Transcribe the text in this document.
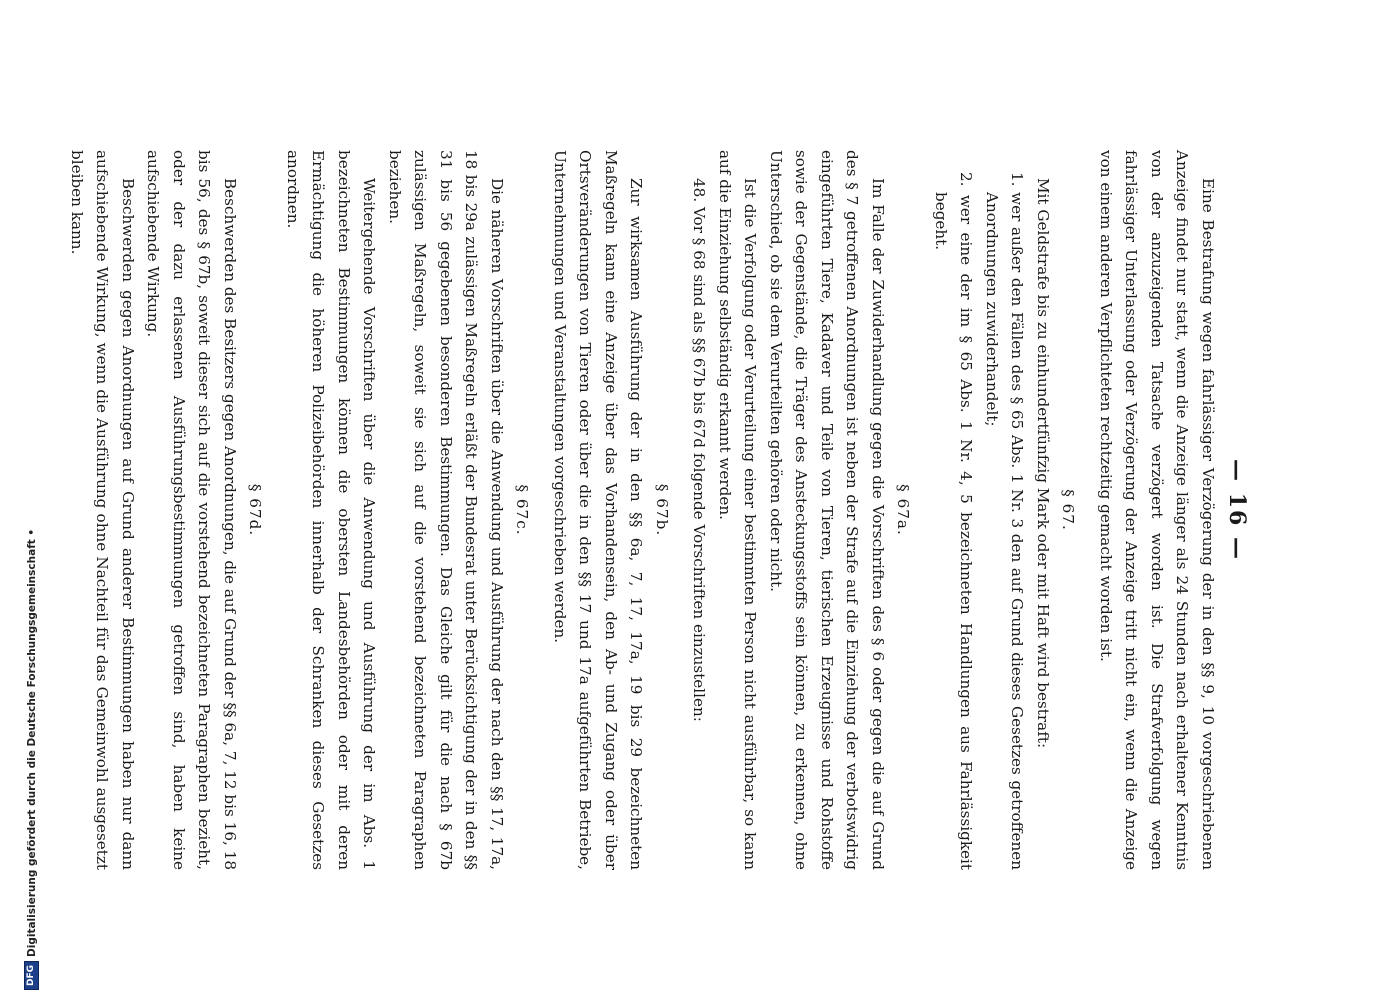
— 16 —

Eine Bestrafung wegen fahrlässiger Verzögerung der in den §§ 9, 10 vorgeschriebenen Anzeige findet nur statt, wenn die Anzeige länger als 24 Stunden nach erhaltener Kenntnis von der anzuzeigenden Tatsache verzögert worden ist. Die Strafverfolgung wegen fahrlässiger Unterlassung oder Verzögerung der Anzeige tritt nicht ein, wenn die Anzeige von einem anderen Verpflichteten rechtzeitig gemacht worden ist.

§ 67.

Mit Geldstrafe bis zu einhundertfünfzig Mark oder mit Haft wird bestraft:

1. wer außer den Fällen des § 65 Abs. 1 Nr. 3 den auf Grund dieses Gesetzes getroffenen Anordnungen zuwiderhandelt;
2. wer eine der im § 65 Abs. 1 Nr. 4, 5 bezeichneten Handlungen aus Fahrlässigkeit begeht.
§ 67a.

Im Falle der Zuwiderhandlung gegen die Vorschriften des § 6 oder gegen die auf Grund des § 7 getroffenen Anordnungen ist neben der Strafe auf die Einziehung der verbotswidrig eingeführten Tiere, Kadaver und Teile von Tieren, tierischen Erzeugnisse und Rohstoffe sowie der Gegenstände, die Träger des Ansteckungsstoffs sein können, zu erkennen, ohne Unterschied, ob sie dem Verurteilten gehören oder nicht.

Ist die Verfolgung oder Verurteilung einer bestimmten Person nicht ausführbar, so kann auf die Einziehung selbständig erkannt werden.

48. Vor § 68 sind als §§ 67b bis 67d folgende Vorschriften einzustellen:

§ 67b.

Zur wirksamen Ausführung der in den §§ 6a, 7, 17, 17a, 19 bis 29 bezeichneten Maßregeln kann eine Anzeige über das Vorhandensein, den Ab- und Zugang oder über Ortsveränderungen von Tieren oder über die in den §§ 17 und 17a aufgeführten Betriebe, Unternehmungen und Veranstaltungen vorgeschrieben werden.

§ 67c.

Die näheren Vorschriften über die Anwendung und Ausführung der nach den §§ 17, 17a, 18 bis 29a zulässigen Maßregeln erläßt der Bundesrat unter Berücksichtigung der in den §§ 31 bis 56 gegebenen besonderen Bestimmungen. Das Gleiche gilt für die nach § 67b zulässigen Maßregeln, soweit sie sich auf die vorstehend bezeichneten Paragraphen beziehen.

Weitergehende Vorschriften über die Anwendung und Ausführung der im Abs. 1 bezeichneten Bestimmungen können die obersten Landesbehörden oder mit deren Ermächtigung die höheren Polizeibehörden innerhalb der Schranken dieses Gesetzes anordnen.

§ 67d.

Beschwerden des Besitzers gegen Anordnungen, die auf Grund der §§ 6a, 7, 12 bis 16, 18 bis 56, des § 67b, soweit dieser sich auf die vorstehend bezeichneten Paragraphen bezieht, oder der dazu erlassenen Ausführungsbestimmungen getroffen sind, haben keine aufschiebende Wirkung.

Beschwerden gegen Anordnungen auf Grund anderer Bestimmungen haben nur dann aufschiebende Wirkung, wenn die Ausführung ohne Nachteil für das Gemeinwohl ausgesetzt bleiben kann.

DFG
Digitalisierung gefördert durch die Deutsche Forschungsgemeinschaft •
